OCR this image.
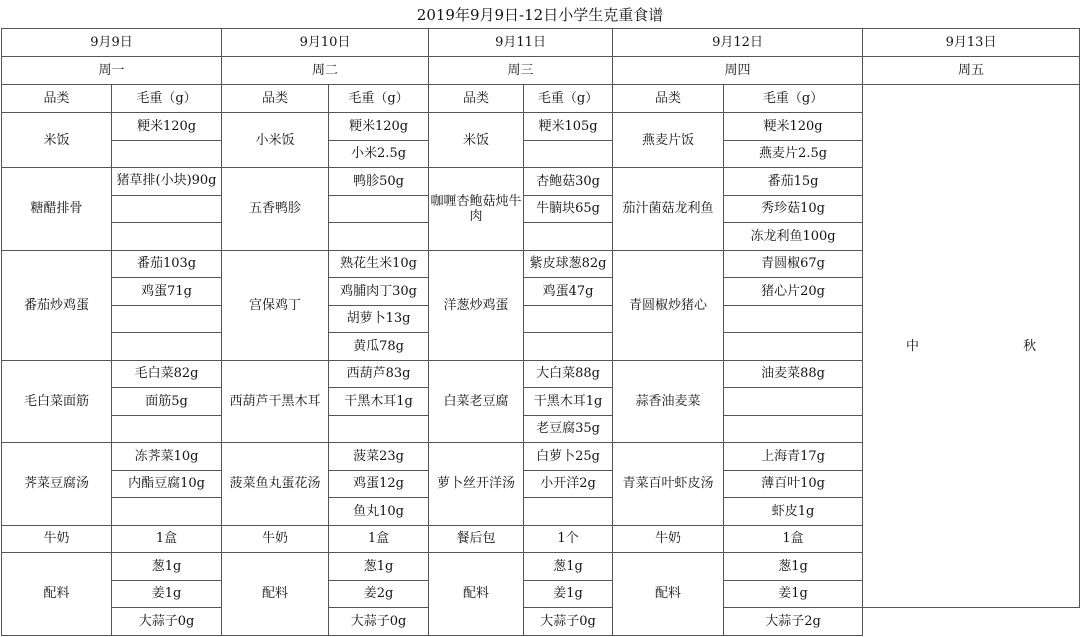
2019年9月9日-12日小学生克重食谱
9月9日		9月10日		9月11日		9月12日		9月13日
周一		周二		周三		周四		周五
品类	毛重（g）	品类	毛重（g）	品类	毛重（g）	品类	毛重（g）	中 秋
米饭	粳米120g	小米饭	粳米120g	米饭	粳米105g	燕麦片饭	粳米120g	
			小米2.5g				燕麦片2.5g	
糖醋排骨	猪草排(小块)90g	五香鸭胗	鸭胗50g	咖喱杏鲍菇炖牛肉	杏鲍菇30g	茄汁菌菇龙利鱼	番茄15g	
					牛腩块65g		秀珍菇10g	
							冻龙利鱼100g	
番茄炒鸡蛋	番茄103g	宫保鸡丁	熟花生米10g	洋葱炒鸡蛋	紫皮球葱82g	青圆椒炒猪心	青圆椒67g	
	鸡蛋71g		鸡脯肉丁30g		鸡蛋47g		猪心片20g	
			胡萝卜13g					
			黄瓜78g					
毛白菜面筋	毛白菜82g	西葫芦干黑木耳	西葫芦83g	白菜老豆腐	大白菜88g	蒜香油麦菜	油麦菜88g	
	面筋5g		干黑木耳1g		干黑木耳1g			
					老豆腐35g			
荠菜豆腐汤	冻荠菜10g	菠菜鱼丸蛋花汤	菠菜23g	萝卜丝开洋汤	白萝卜25g	青菜百叶虾皮汤	上海青17g	
	内酯豆腐10g		鸡蛋12g		小开洋2g		薄百叶10g	
			鱼丸10g				虾皮1g	
牛奶	1盒	牛奶	1盒	餐后包	1个	牛奶	1盒	
配料	葱1g	配料	葱1g	配料	葱1g	配料	葱1g	
	姜1g		姜2g		姜1g		姜1g	
	大蒜子0g		大蒜子0g		大蒜子0g		大蒜子2g	
